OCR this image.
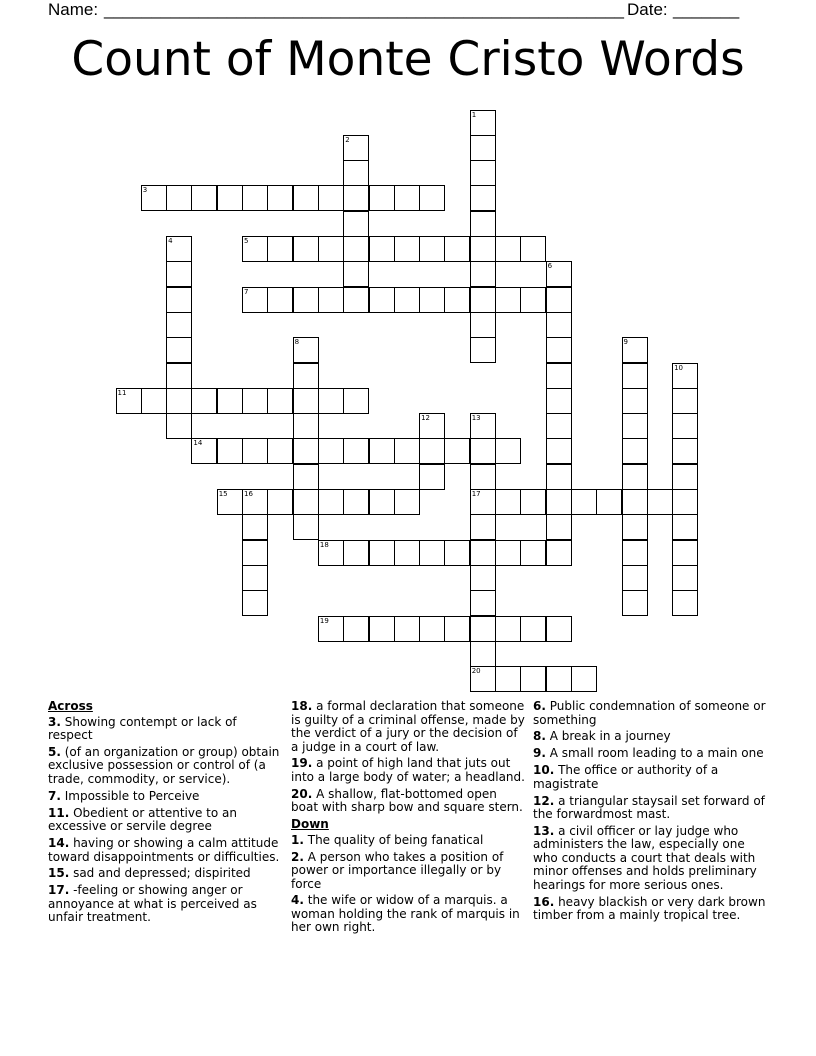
Name: _______________________________________________________ Date: _______
Count of Monte Cristo Words
1
2
3
4	5
6
7
8	9
10
11
12	13
17
20
14
15 16
18
19
Across
3. Showing contempt or lack of respect
5. (of an organization or group) obtain exclusive possession or control of (a trade, commodity, or service).
7. Impossible to Perceive
11. Obedient or attentive to an excessive or servile degree
14. having or showing a calm attitude toward disappointments or difficulties.
15. sad and depressed; dispirited
17. -feeling or showing anger or annoyance at what is perceived as unfair treatment.
18. a formal declaration that someone is guilty of a criminal offense, made by the verdict of a jury or the decision of a judge in a court of law.
19. a point of high land that juts out into a large body of water; a headland.
20. A shallow, flat-bottomed open boat with sharp bow and square stern.
Down
1. The quality of being fanatical
2. A person who takes a position of power or importance illegally or by force
4. the wife or widow of a marquis. a woman holding the rank of marquis in her own right.
6. Public condemnation of someone or something
8. A break in a journey
9. A small room leading to a main one
10. The office or authority of a magistrate
12. a triangular staysail set forward of the forwardmost mast.
13. a civil officer or lay judge who administers the law, especially one who conducts a court that deals with minor offenses and holds preliminary hearings for more serious ones.
16. heavy blackish or very dark brown timber from a mainly tropical tree.
